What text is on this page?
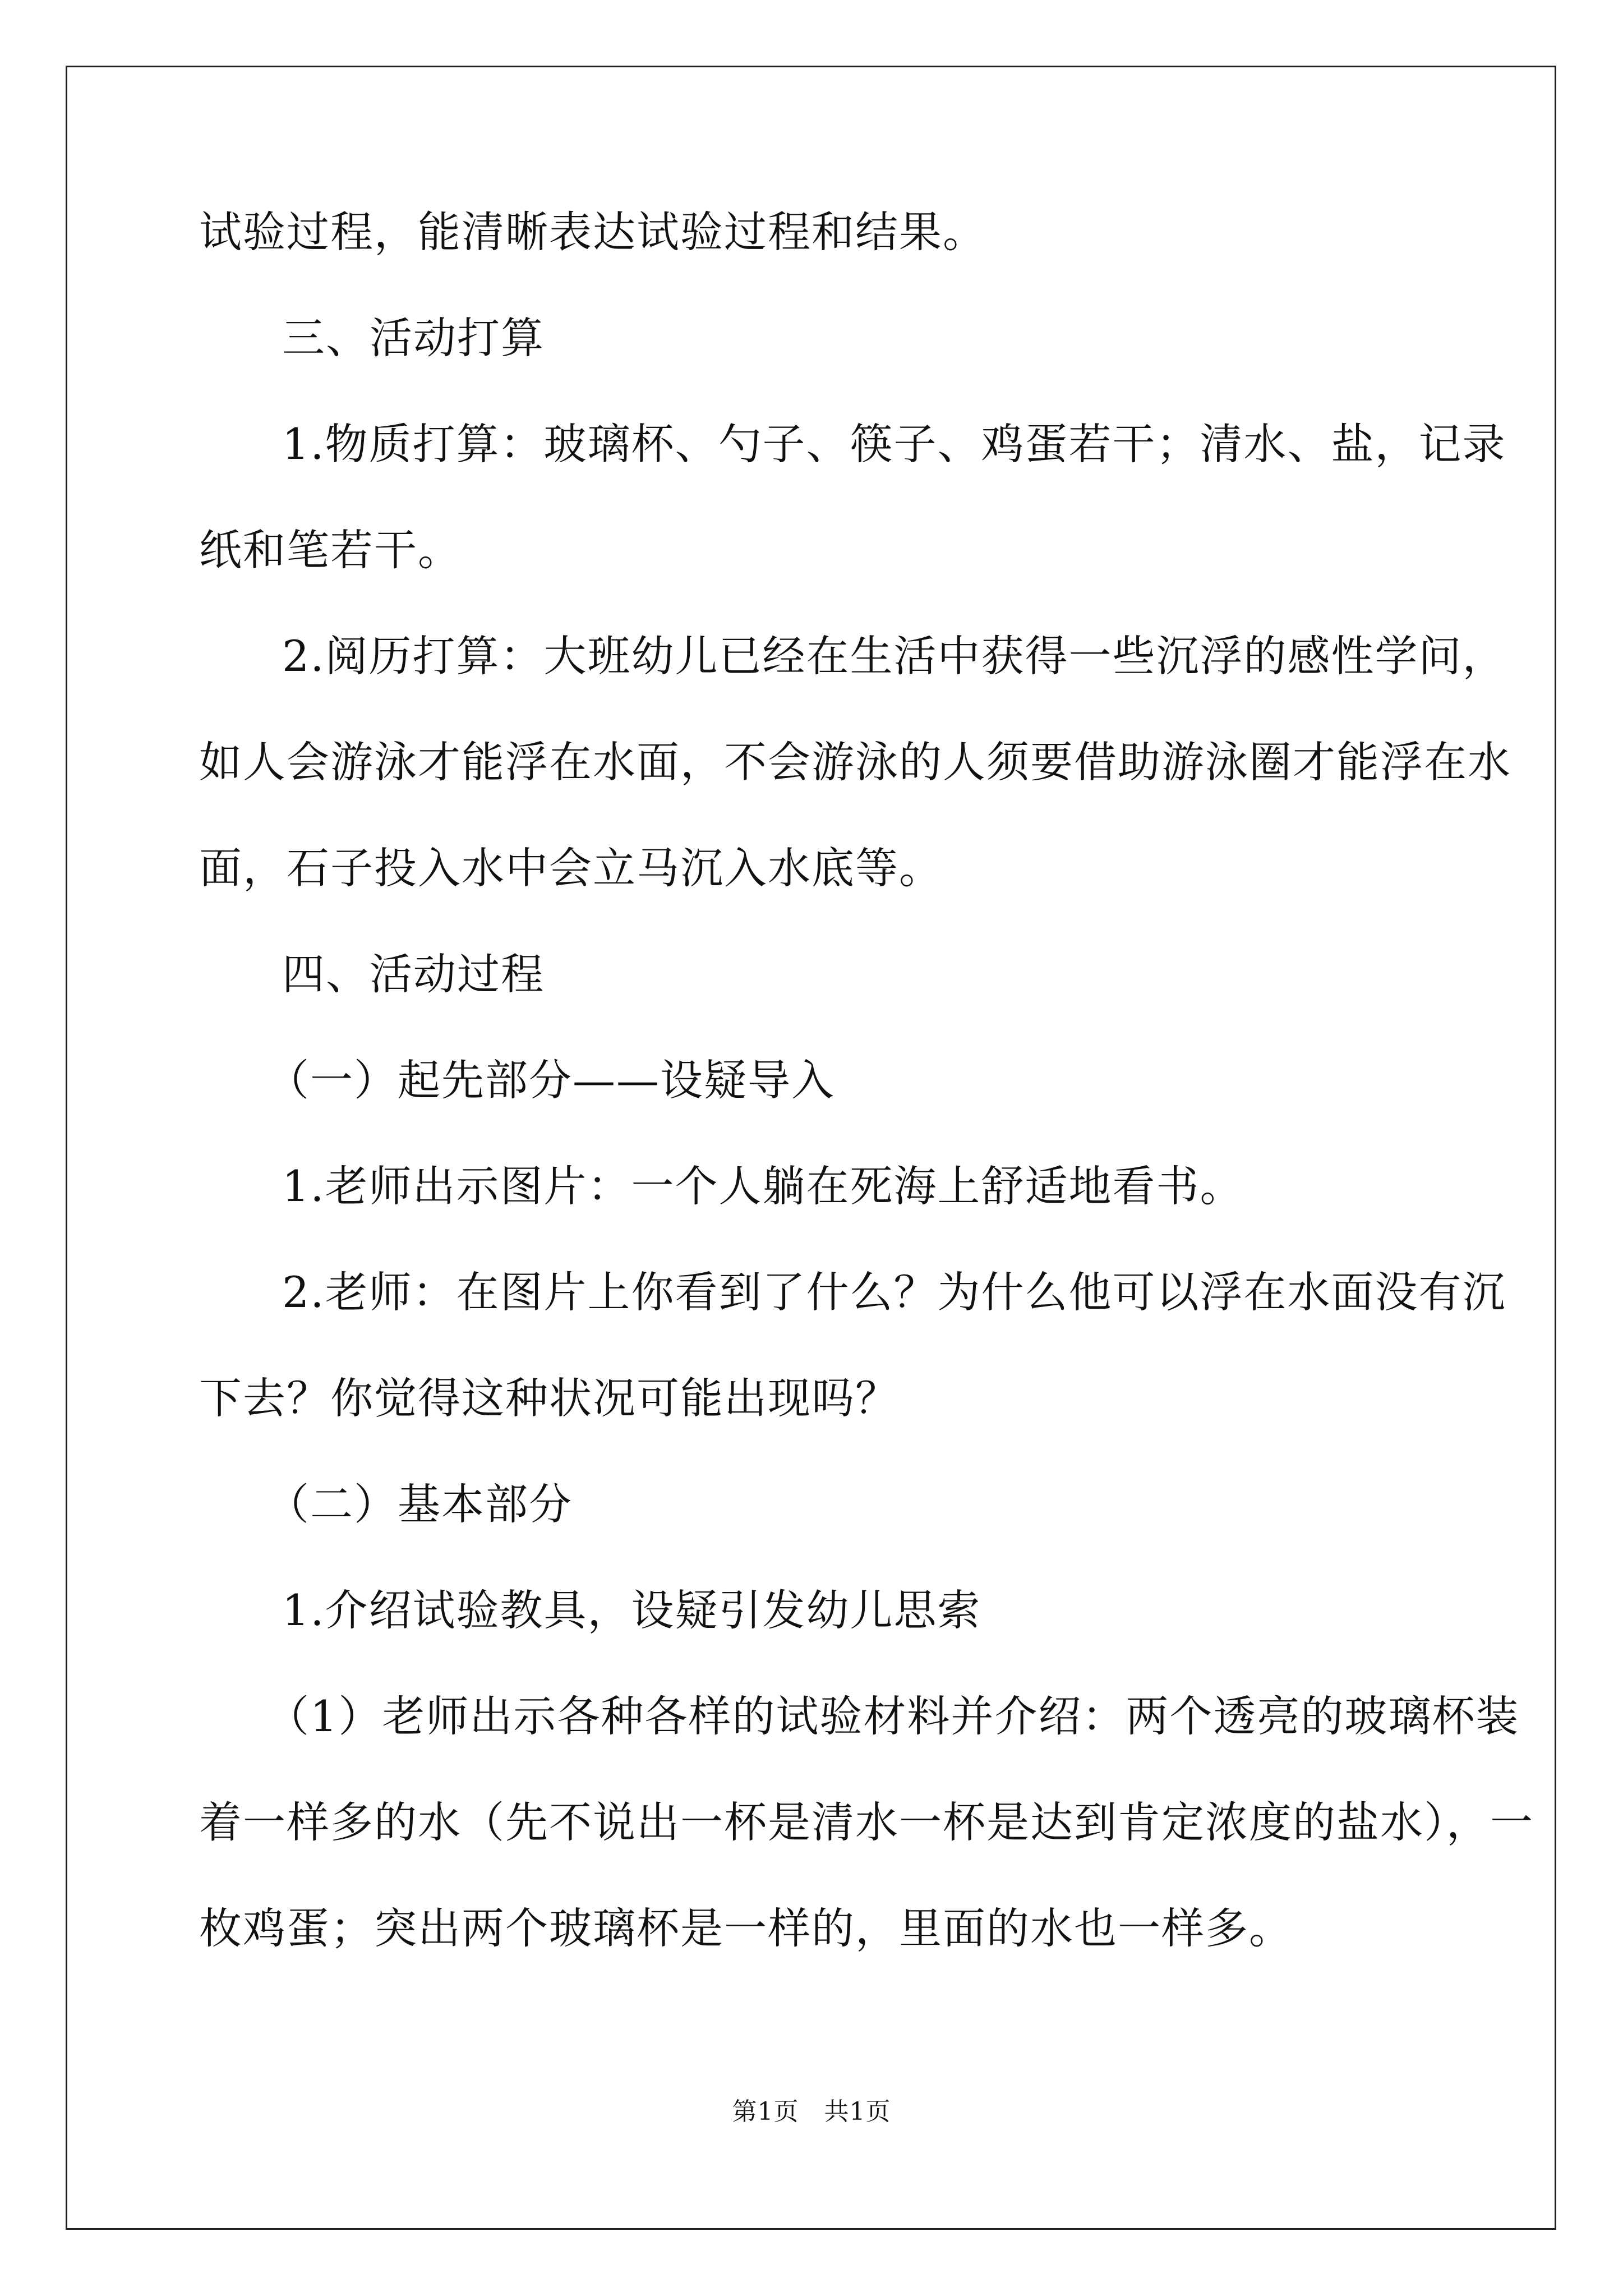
试验过程，能清晰表达试验过程和结果。
三、活动打算
1.物质打算：玻璃杯、勺子、筷子、鸡蛋若干；清水、盐，记录
纸和笔若干。
2.阅历打算：大班幼儿已经在生活中获得一些沉浮的感性学问，
如人会游泳才能浮在水面，不会游泳的人须要借助游泳圈才能浮在水
面，石子投入水中会立马沉入水底等。
四、活动过程
（一）起先部分——设疑导入
1.老师出示图片：一个人躺在死海上舒适地看书。
2.老师：在图片上你看到了什么？为什么他可以浮在水面没有沉
下去？你觉得这种状况可能出现吗？
（二）基本部分
1.介绍试验教具，设疑引发幼儿思索
（1）老师出示各种各样的试验材料并介绍：两个透亮的玻璃杯装
着一样多的水（先不说出一杯是清水一杯是达到肯定浓度的盐水），一
枚鸡蛋；突出两个玻璃杯是一样的，里面的水也一样多。
第1页　共1页
